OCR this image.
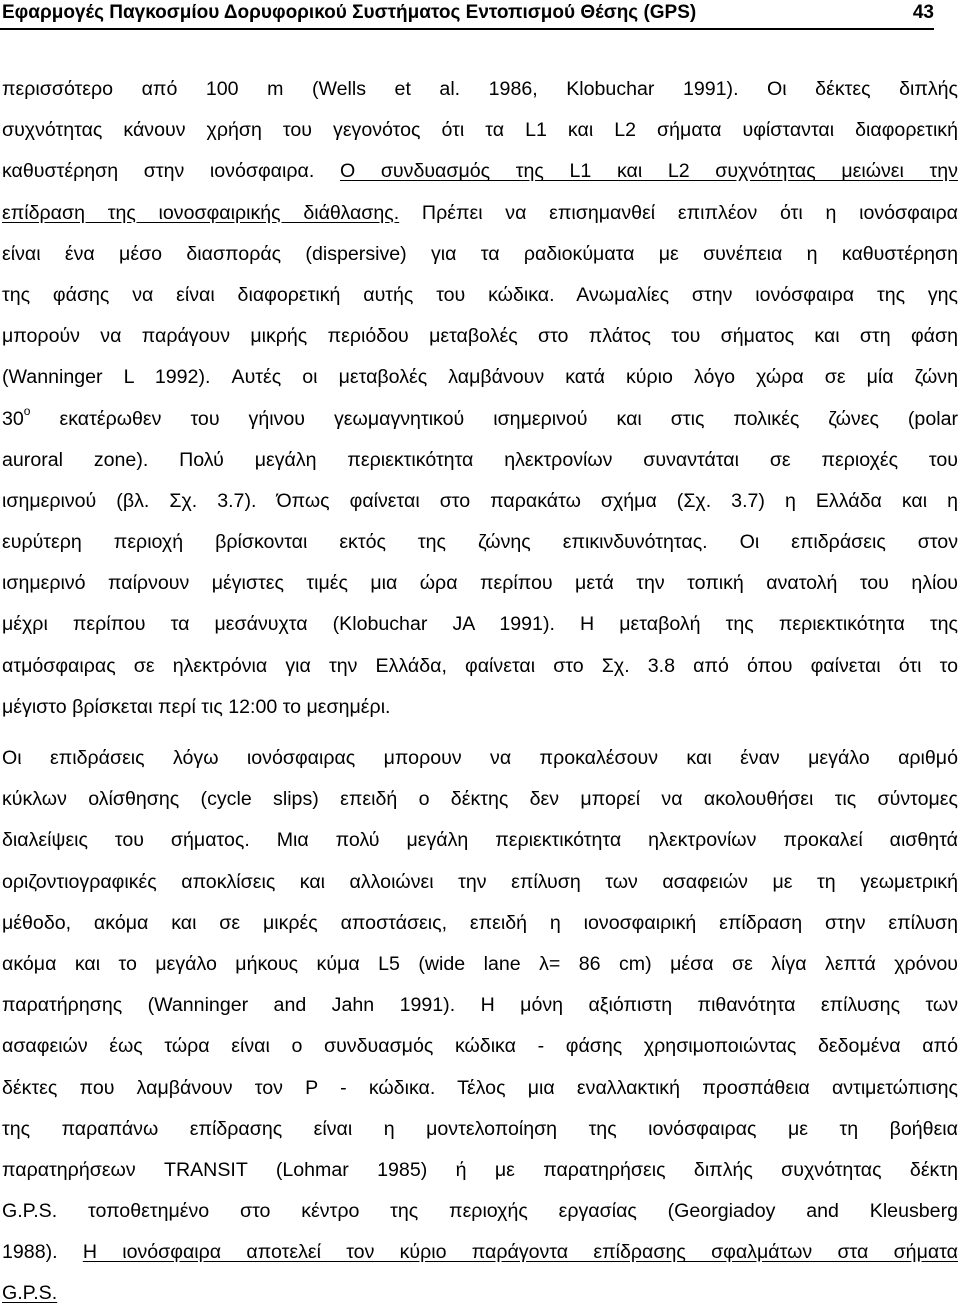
Εφαρμογές Παγκοσμίου Δορυφορικού Συστήματος Εντοπισμού Θέσης (GPS)	43
περισσότερο από 100 m (Wells et al. 1986, Klobuchar 1991). Οι δέκτες διπλής
συχνότητας κάνουν χρήση του γεγονότος ότι τα L1 και L2 σήματα υφίστανται διαφορετική
καθυστέρηση στην ιονόσφαιρα. Ο συνδυασμός της L1 και L2 συχνότητας μειώνει την
επίδραση της ιονοσφαιρικής διάθλασης. Πρέπει να επισημανθεί επιπλέον ότι η ιονόσφαιρα
είναι ένα μέσο διασποράς (dispersive) για τα ραδιοκύματα με συνέπεια η καθυστέρηση
της φάσης να είναι διαφορετική αυτής του κώδικα. Ανωμαλίες στην ιονόσφαιρα της γης
μπορούν να παράγουν μικρής περιόδου μεταβολές στο πλάτος του σήματος και στη φάση
(Wanninger L 1992). Αυτές οι μεταβολές λαμβάνουν κατά κύριο λόγο χώρα σε μία ζώνη
$30^o$ εκατέρωθεν του γήινου γεωμαγνητικού ισημερινού και στις πολικές ζώνες (polar
auroral zone). Πολύ μεγάλη περιεκτικότητα ηλεκτρονίων συναντάται σε περιοχές του
ισημερινού (βλ. Σχ. 3.7). Όπως φαίνεται στο παρακάτω σχήμα (Σχ. 3.7) η Ελλάδα και η
ευρύτερη περιοχή βρίσκονται εκτός της ζώνης επικινδυνότητας. Οι επιδράσεις στον
ισημερινό παίρνουν μέγιστες τιμές μια ώρα περίπου μετά την τοπική ανατολή του ηλίου
μέχρι περίπου τα μεσάνυχτα (Klobuchar JA 1991). Η μεταβολή της περιεκτικότητα της
ατμόσφαιρας σε ηλεκτρόνια για την Ελλάδα, φαίνεται στο Σχ. 3.8 από όπου φαίνεται ότι το
μέγιστο βρίσκεται περί τις 12:00 το μεσημέρι.
Οι επιδράσεις λόγω ιονόσφαιρας μπορουν να προκαλέσουν και έναν μεγάλο αριθμό
κύκλων ολίσθησης (cycle slips) επειδή ο δέκτης δεν μπορεί να ακολουθήσει τις σύντομες
διαλείψεις του σήματος. Μια πολύ μεγάλη περιεκτικότητα ηλεκτρονίων προκαλεί αισθητά
οριζοντιογραφικές αποκλίσεις και αλλοιώνει την επίλυση των ασαφειών με τη γεωμετρική
μέθοδο, ακόμα και σε μικρές αποστάσεις, επειδή η ιονοσφαιρική επίδραση στην επίλυση
ακόμα και το μεγάλο μήκους κύμα L5 (wide lane λ= 86 cm) μέσα σε λίγα λεπτά χρόνου
παρατήρησης (Wanninger and Jahn 1991). Η μόνη αξιόπιστη πιθανότητα επίλυσης των
ασαφειών έως τώρα είναι ο συνδυασμός κώδικα - φάσης χρησιμοποιώντας δεδομένα από
δέκτες που λαμβάνουν τον P - κώδικα. Τέλος μια εναλλακτική προσπάθεια αντιμετώπισης
της παραπάνω επίδρασης είναι η μοντελοποίηση της ιονόσφαιρας με τη βοήθεια
παρατηρήσεων TRANSIT (Lohmar 1985) ή με παρατηρήσεις διπλής συχνότητας δέκτη
G.P.S. τοποθετημένο στο κέντρο της περιοχής εργασίας (Georgiadoy and Kleusberg
1988). Η ιονόσφαιρα αποτελεί τον κύριο παράγοντα επίδρασης σφαλμάτων στα σήματα
G.P.S.
